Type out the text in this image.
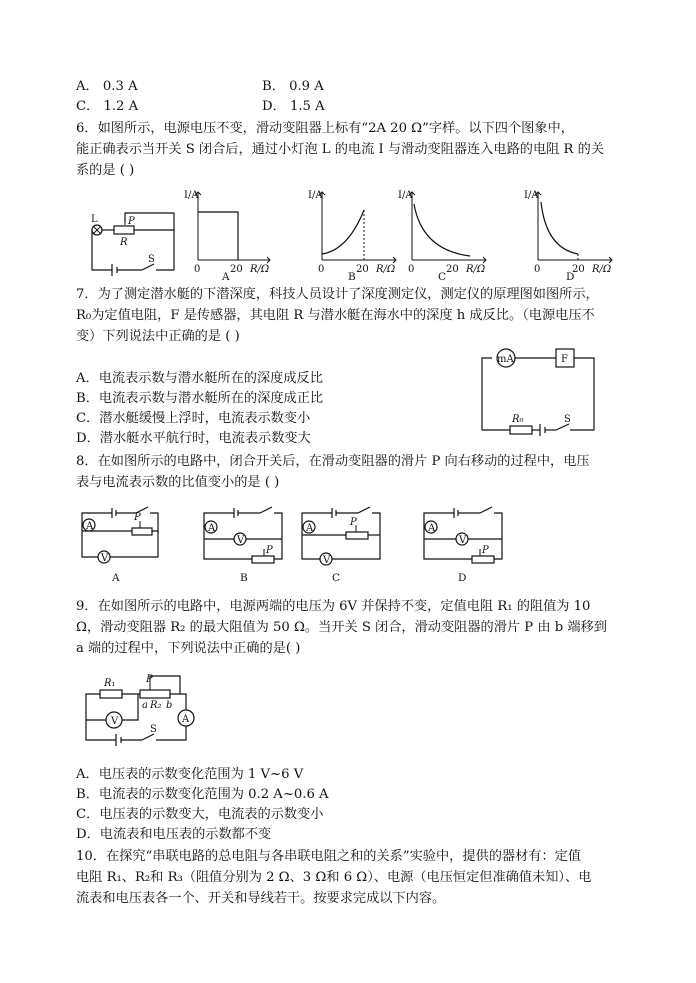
A． 0.3 A	B． 0.9 A
C． 1.2 A	D． 1.5 A
6．如图所示，电源电压不变，滑动变阻器上标有“2A 20 Ω”字样。以下四个图象中，
能正确表示当开关 S 闭合后，通过小灯泡 L 的电流 I 与滑动变阻器连入电路的电阻 R 的关
系的是 ( )
L	P
R
S
I/A
0	20 R/Ω
A
I/A
0	20 R/Ω
B
I/A
0	20 R/Ω
C
I/A
0	20 R/Ω
D
7．为了测定潜水艇的下潜深度，科技人员设计了深度测定仪，测定仪的原理图如图所示，
R₀为定值电阻，F 是传感器，其电阻 R 与潜水艇在海水中的深度 h 成反比。（电源电压不
变）下列说法中正确的是 ( )
A．电流表示数与潜水艇所在的深度成反比
B．电流表示数与潜水艇所在的深度成正比
C．潜水艇缓慢上浮时，电流表示数变小
D．潜水艇水平航行时，电流表示数变大
mA	F
R₀	S
8．在如图所示的电路中，闭合开关后，在滑动变阻器的滑片 P 向右移动的过程中，电压
表与电流表示数的比值变小的是 ( )
A
V
P
A
A
V
P
B
A
V
P
C
A
V
P
D
9．在如图所示的电路中，电源两端的电压为 6V 并保持不变，定值电阻 R₁ 的阻值为 10
Ω，滑动变阻器 R₂ 的最大阻值为 50 Ω。当开关 S 闭合，滑动变阻器的滑片 P 由 b 端移到
a 端的过程中，下列说法中正确的是( )
R₁	P
a R₂ b
V	A
S
A．电压表的示数变化范围为 1 V~6 V
B．电流表的示数变化范围为 0.2 A~0.6 A
C．电压表的示数变大，电流表的示数变小
D．电流表和电压表的示数都不变
10．在探究“串联电路的总电阻与各串联电阻之和的关系”实验中，提供的器材有：定值
电阻 R₁、R₂和 R₃（阻值分别为 2 Ω、3 Ω和 6 Ω）、电源（电压恒定但准确值未知）、电
流表和电压表各一个、开关和导线若干。按要求完成以下内容。
